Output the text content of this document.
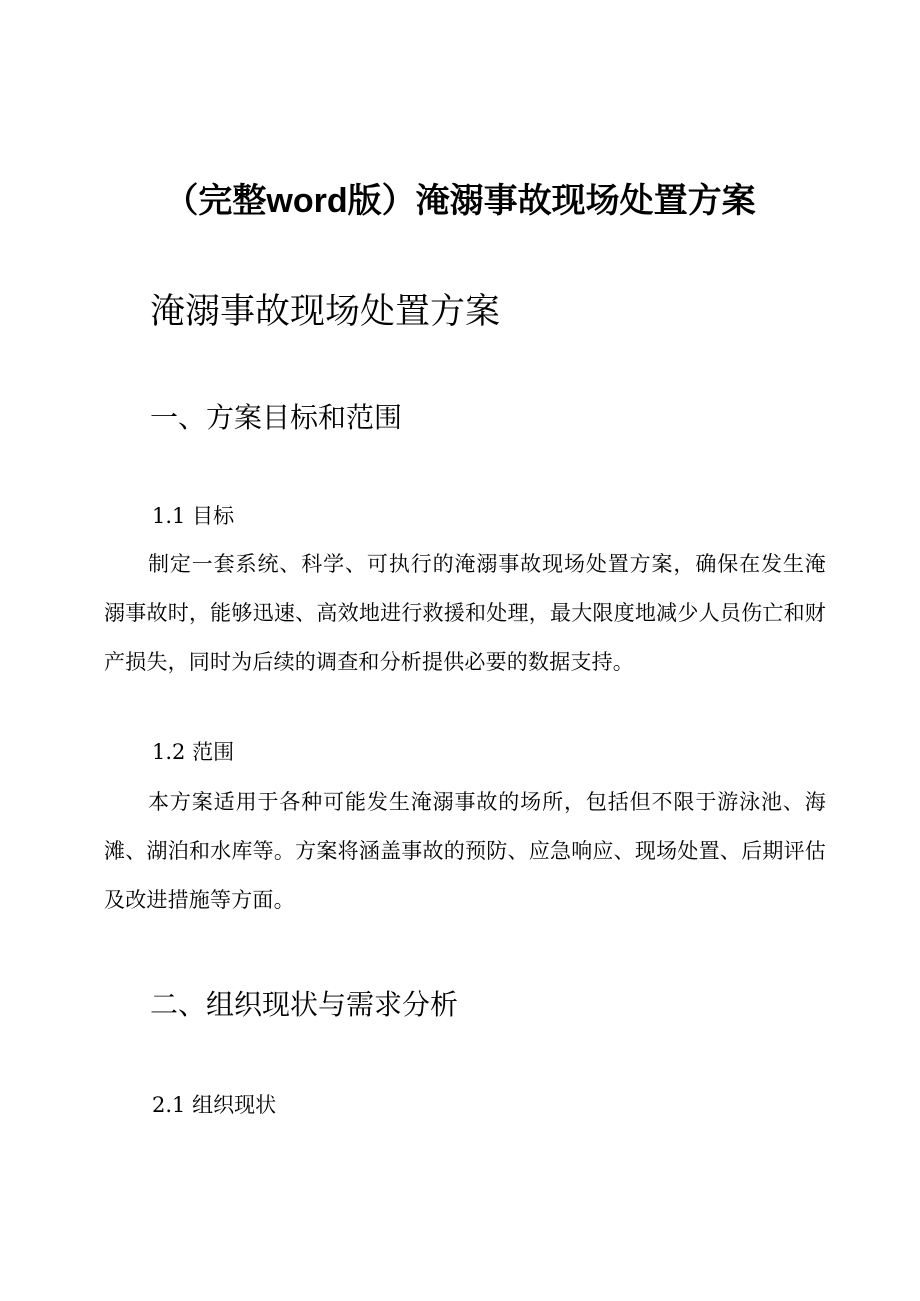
（完整word版）淹溺事故现场处置方案
淹溺事故现场处置方案
一、方案目标和范围
1.1 目标
制定一套系统、科学、可执行的淹溺事故现场处置方案，确保在发生淹溺事故时，能够迅速、高效地进行救援和处理，最大限度地减少人员伤亡和财产损失，同时为后续的调查和分析提供必要的数据支持。
1.2 范围
本方案适用于各种可能发生淹溺事故的场所，包括但不限于游泳池、海滩、湖泊和水库等。方案将涵盖事故的预防、应急响应、现场处置、后期评估及改进措施等方面。
二、组织现状与需求分析
2.1 组织现状
